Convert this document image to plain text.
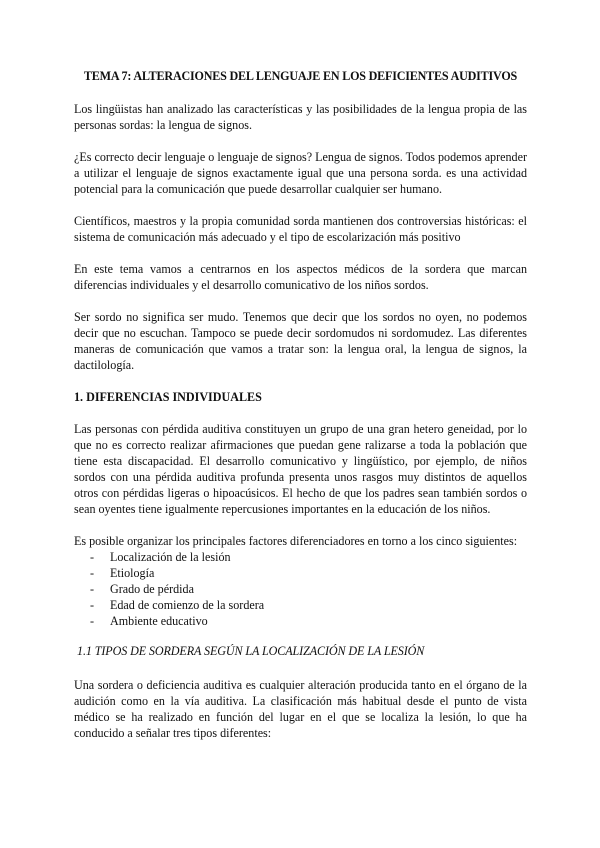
TEMA 7: ALTERACIONES DEL LENGUAJE EN LOS DEFICIENTES AUDITIVOS

Los lingüistas han analizado las características y las posibilidades de la lengua propia de las personas sordas: la lengua de signos.

¿Es correcto decir lenguaje o lenguaje de signos? Lengua de signos. Todos podemos aprender a utilizar el lenguaje de signos exactamente igual que una persona sorda. es una actividad potencial para la comunicación que puede desarrollar cualquier ser humano.

Científicos, maestros y la propia comunidad sorda mantienen dos controversias históricas: el sistema de comunicación más adecuado y el tipo de escolarización más positivo

En este tema vamos a centrarnos en los aspectos médicos de la sordera que marcan diferencias individuales y el desarrollo comunicativo de los niños sordos.

Ser sordo no significa ser mudo. Tenemos que decir que los sordos no oyen, no podemos decir que no escuchan. Tampoco se puede decir sordomudos ni sordomudez. Las diferentes maneras de comunicación que vamos a tratar son: la lengua oral, la lengua de signos, la dactilología.

1. DIFERENCIAS INDIVIDUALES

Las personas con pérdida auditiva constituyen un grupo de una gran hetero geneidad, por lo que no es correcto realizar afirmaciones que puedan gene ralizarse a toda la población que tiene esta discapacidad. El desarrollo comunicativo y lingüístico, por ejemplo, de niños sordos con una pérdida auditiva profunda presenta unos rasgos muy distintos de aquellos otros con pérdidas ligeras o hipoacúsicos. El hecho de que los padres sean también sordos o sean oyentes tiene igualmente repercusiones importantes en la educación de los niños.

Es posible organizar los principales factores diferenciadores en torno a los cinco siguientes:
- Localización de la lesión
- Etiología
- Grado de pérdida
- Edad de comienzo de la sordera
- Ambiente educativo
1.1 TIPOS DE SORDERA SEGÚN LA LOCALIZACIÓN DE LA LESIÓN

Una sordera o deficiencia auditiva es cualquier alteración producida tanto en el órgano de la audición como en la vía auditiva. La clasificación más habitual desde el punto de vista médico se ha realizado en función del lugar en el que se localiza la lesión, lo que ha conducido a señalar tres tipos diferentes:
